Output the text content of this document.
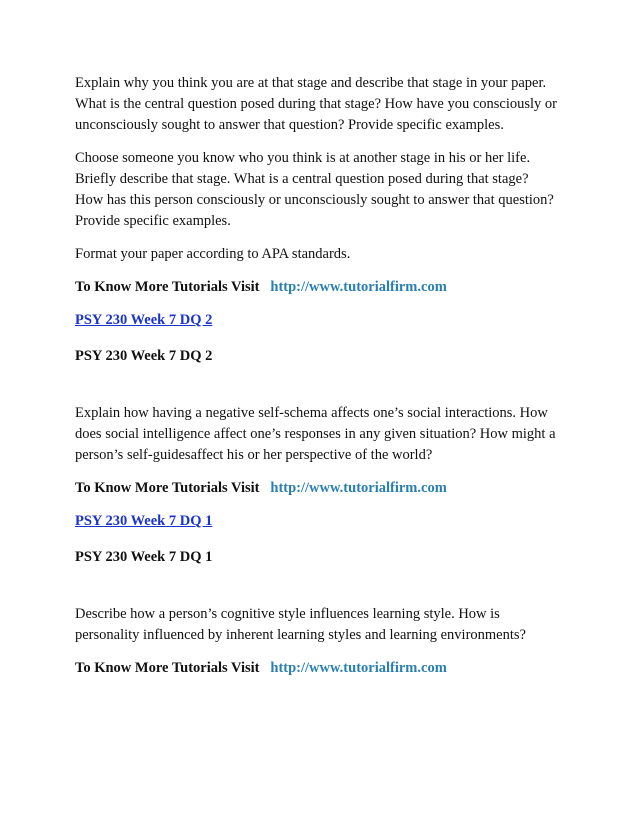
Explain why you think you are at that stage and describe that stage in your paper.
What is the central question posed during that stage? How have you consciously or
unconsciously sought to answer that question? Provide specific examples.

Choose someone you know who you think is at another stage in his or her life.
Briefly describe that stage. What is a central question posed during that stage?
How has this person consciously or unconsciously sought to answer that question?
Provide specific examples.

Format your paper according to APA standards.

To Know More Tutorials Visit http://www.tutorialfirm.com

PSY 230 Week 7 DQ 2

PSY 230 Week 7 DQ 2

Explain how having a negative self-schema affects one’s social interactions. How
does social intelligence affect one’s responses in any given situation? How might a
person’s self-guidesaffect his or her perspective of the world?

To Know More Tutorials Visit http://www.tutorialfirm.com

PSY 230 Week 7 DQ 1

PSY 230 Week 7 DQ 1

Describe how a person’s cognitive style influences learning style. How is
personality influenced by inherent learning styles and learning environments?

To Know More Tutorials Visit http://www.tutorialfirm.com
